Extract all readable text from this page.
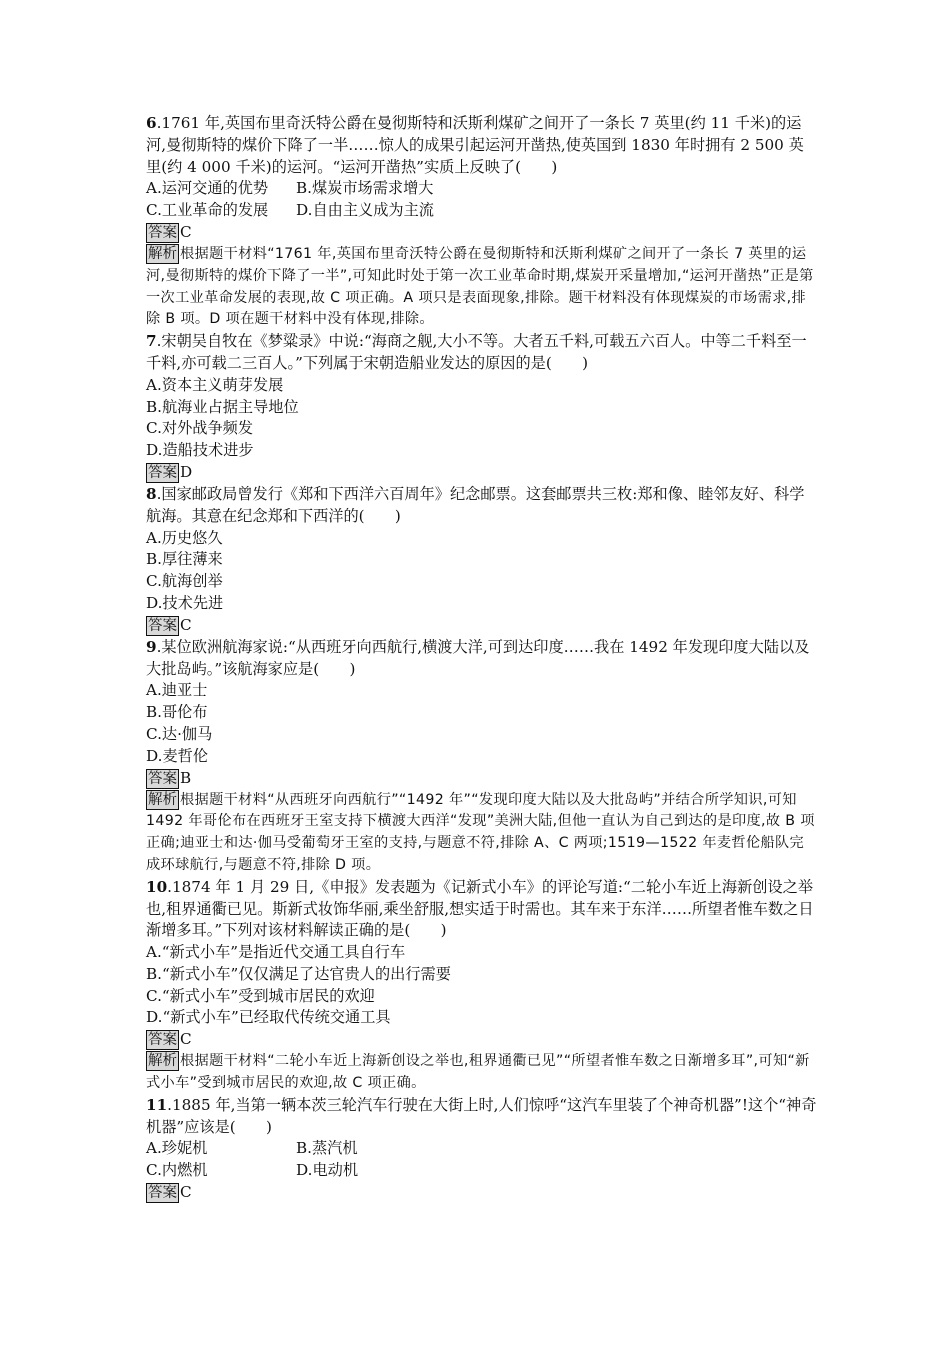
6.1761 年,英国布里奇沃特公爵在曼彻斯特和沃斯利煤矿之间开了一条长 7 英里(约 11 千米)的运河,曼彻斯特的煤价下降了一半……惊人的成果引起运河开凿热,使英国到 1830 年时拥有 2 500 英里(约 4 000 千米)的运河。“运河开凿热”实质上反映了(　　)

A.运河交通的优势	B.煤炭市场需求增大
C.工业革命的发展	D.自由主义成为主流
答案 C

解析 根据题干材料“1761 年,英国布里奇沃特公爵在曼彻斯特和沃斯利煤矿之间开了一条长 7 英里的运河,曼彻斯特的煤价下降了一半”,可知此时处于第一次工业革命时期,煤炭开采量增加,“运河开凿热”正是第一次工业革命发展的表现,故 C 项正确。A 项只是表面现象,排除。题干材料没有体现煤炭的市场需求,排除 B 项。D 项在题干材料中没有体现,排除。

7.宋朝吴自牧在《梦粱录》中说:“海商之舰,大小不等。大者五千料,可载五六百人。中等二千料至一千料,亦可载二三百人。”下列属于宋朝造船业发达的原因的是(　　)

A.资本主义萌芽发展

B.航海业占据主导地位

C.对外战争频发

D.造船技术进步

答案 D

8.国家邮政局曾发行《郑和下西洋六百周年》纪念邮票。这套邮票共三枚:郑和像、睦邻友好、科学航海。其意在纪念郑和下西洋的(　　)

A.历史悠久

B.厚往薄来

C.航海创举

D.技术先进

答案 C

9.某位欧洲航海家说:“从西班牙向西航行,横渡大洋,可到达印度……我在 1492 年发现印度大陆以及大批岛屿。”该航海家应是(　　)

A.迪亚士

B.哥伦布

C.达·伽马

D.麦哲伦

答案 B

解析 根据题干材料“从西班牙向西航行”“1492 年”“发现印度大陆以及大批岛屿”并结合所学知识,可知 1492 年哥伦布在西班牙王室支持下横渡大西洋“发现”美洲大陆,但他一直认为自己到达的是印度,故 B 项正确;迪亚士和达·伽马受葡萄牙王室的支持,与题意不符,排除 A、C 两项;1519—1522 年麦哲伦船队完成环球航行,与题意不符,排除 D 项。

10.1874 年 1 月 29 日,《申报》发表题为《记新式小车》的评论写道:“二轮小车近上海新创设之举也,租界通衢已见。斯新式妆饰华丽,乘坐舒服,想实适于时需也。其车来于东洋……所望者惟车数之日渐增多耳。”下列对该材料解读正确的是(　　)

A.“新式小车”是指近代交通工具自行车

B.“新式小车”仅仅满足了达官贵人的出行需要

C.“新式小车”受到城市居民的欢迎

D.“新式小车”已经取代传统交通工具

答案 C

解析 根据题干材料“二轮小车近上海新创设之举也,租界通衢已见”“所望者惟车数之日渐增多耳”,可知“新式小车”受到城市居民的欢迎,故 C 项正确。

11.1885 年,当第一辆本茨三轮汽车行驶在大街上时,人们惊呼“这汽车里装了个神奇机器”!这个“神奇机器”应该是(　　)

A.珍妮机	B.蒸汽机
C.内燃机	D.电动机
答案 C
